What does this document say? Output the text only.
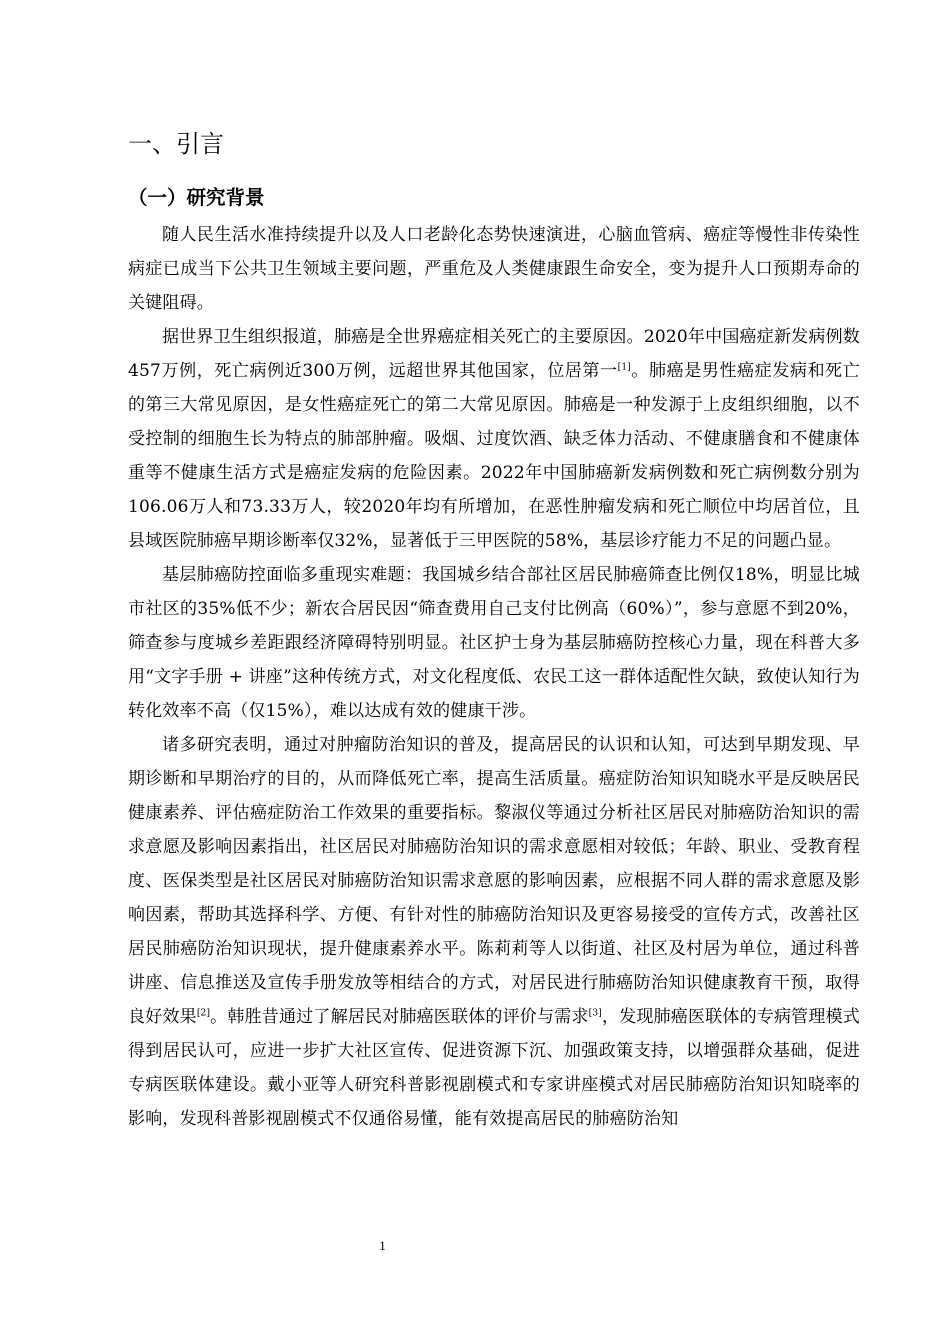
一、引言
（一）研究背景

随人民生活水准持续提升以及人口老龄化态势快速演进，心脑血管病、癌症等慢性非传染性病症已成当下公共卫生领域主要问题，严重危及人类健康跟生命安全，变为提升人口预期寿命的关键阻碍。

据世界卫生组织报道，肺癌是全世界癌症相关死亡的主要原因。2020年中国癌症新发病例数457万例，死亡病例近300万例，远超世界其他国家，位居第一[1]。肺癌是男性癌症发病和死亡的第三大常见原因，是女性癌症死亡的第二大常见原因。肺癌是一种发源于上皮组织细胞，以不受控制的细胞生长为特点的肺部肿瘤。吸烟、过度饮酒、缺乏体力活动、不健康膳食和不健康体重等不健康生活方式是癌症发病的危险因素。2022年中国肺癌新发病例数和死亡病例数分别为106.06万人和73.33万人，较2020年均有所增加，在恶性肿瘤发病和死亡顺位中均居首位，且县域医院肺癌早期诊断率仅32%，显著低于三甲医院的58%，基层诊疗能力不足的问题凸显。

基层肺癌防控面临多重现实难题：我国城乡结合部社区居民肺癌筛查比例仅18%，明显比城市社区的35%低不少；新农合居民因“筛查费用自己支付比例高（60%）”，参与意愿不到20%，筛查参与度城乡差距跟经济障碍特别明显。社区护士身为基层肺癌防控核心力量，现在科普大多用“文字手册 + 讲座”这种传统方式，对文化程度低、农民工这一群体适配性欠缺，致使认知行为转化效率不高（仅15%），难以达成有效的健康干涉。

诸多研究表明，通过对肿瘤防治知识的普及，提高居民的认识和认知，可达到早期发现、早期诊断和早期治疗的目的，从而降低死亡率，提高生活质量。癌症防治知识知晓水平是反映居民健康素养、评估癌症防治工作效果的重要指标。黎淑仪等通过分析社区居民对肺癌防治知识的需求意愿及影响因素指出，社区居民对肺癌防治知识的需求意愿相对较低；年龄、职业、受教育程度、医保类型是社区居民对肺癌防治知识需求意愿的影响因素，应根据不同人群的需求意愿及影响因素，帮助其选择科学、方便、有针对性的肺癌防治知识及更容易接受的宣传方式，改善社区居民肺癌防治知识现状，提升健康素养水平。陈莉莉等人以街道、社区及村居为单位，通过科普讲座、信息推送及宣传手册发放等相结合的方式，对居民进行肺癌防治知识健康教育干预，取得良好效果[2]。韩胜昔通过了解居民对肺癌医联体的评价与需求[3]，发现肺癌医联体的专病管理模式得到居民认可，应进一步扩大社区宣传、促进资源下沉、加强政策支持，以增强群众基础，促进专病医联体建设。戴小亚等人研究科普影视剧模式和专家讲座模式对居民肺癌防治知识知晓率的影响，发现科普影视剧模式不仅通俗易懂，能有效提高居民的肺癌防治知

1
